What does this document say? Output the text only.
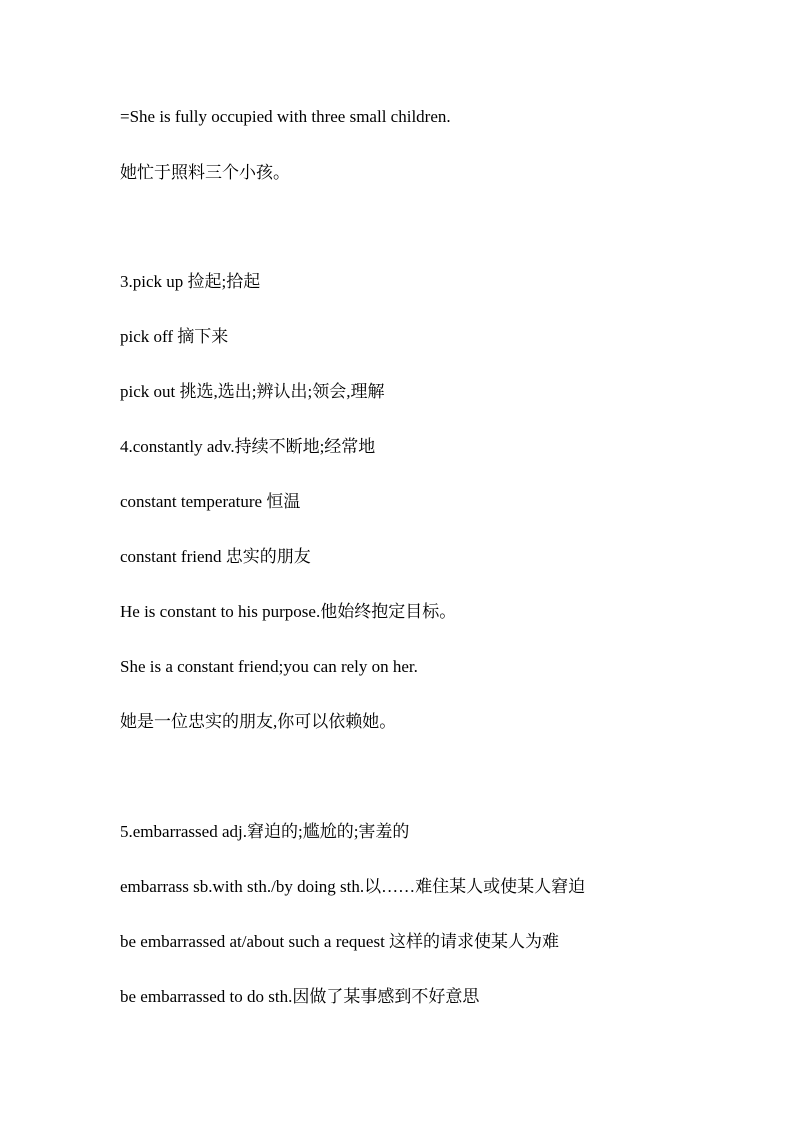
=She is fully occupied with three small children.
她忙于照料三个小孩。
3.pick up 捡起;拾起
pick off 摘下来
pick out 挑选,选出;辨认出;领会,理解
4.constantly adv.持续不断地;经常地
constant temperature 恒温
constant friend 忠实的朋友
He is constant to his purpose.他始终抱定目标。
She is a constant friend;you can rely on her.
她是一位忠实的朋友,你可以依赖她。
5.embarrassed adj.窘迫的;尴尬的;害羞的
embarrass sb.with sth./by doing sth.以……难住某人或使某人窘迫
be embarrassed at/about such a request 这样的请求使某人为难
be embarrassed to do sth.因做了某事感到不好意思
